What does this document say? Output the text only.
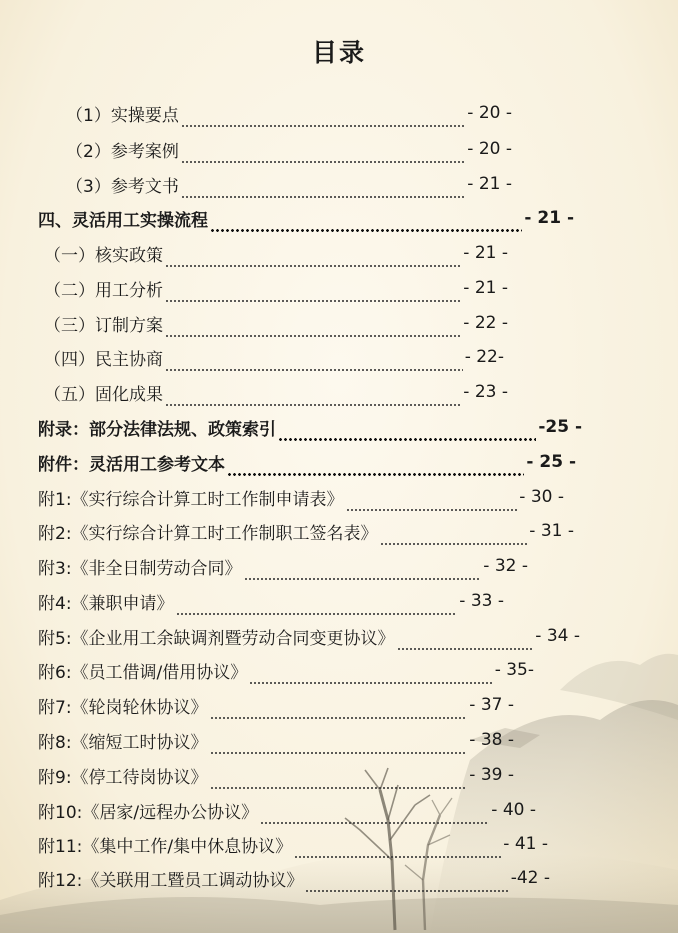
目录
（1）实操要点	- 20 -
（2）参考案例	- 20 -
（3）参考文书	- 21 -
四、灵活用工实操流程	- 21 -
（一）核实政策	- 21 -
（二）用工分析	- 21 -
（三）订制方案	- 22 -
（四）民主协商	- 22-
（五）固化成果	- 23 -
附录：部分法律法规、政策索引	-25 -
附件：灵活用工参考文本	- 25 -
附1:《实行综合计算工时工作制申请表》	- 30 -
附2:《实行综合计算工时工作制职工签名表》	- 31 -
附3:《非全日制劳动合同》	- 32 -
附4:《兼职申请》	- 33 -
附5:《企业用工余缺调剂暨劳动合同变更协议》	- 34 -
附6:《员工借调/借用协议》	- 35-
附7:《轮岗轮休协议》	- 37 -
附8:《缩短工时协议》	- 38 -
附9:《停工待岗协议》	- 39 -
附10:《居家/远程办公协议》	- 40 -
附11:《集中工作/集中休息协议》	- 41 -
附12:《关联用工暨员工调动协议》	-42 -
